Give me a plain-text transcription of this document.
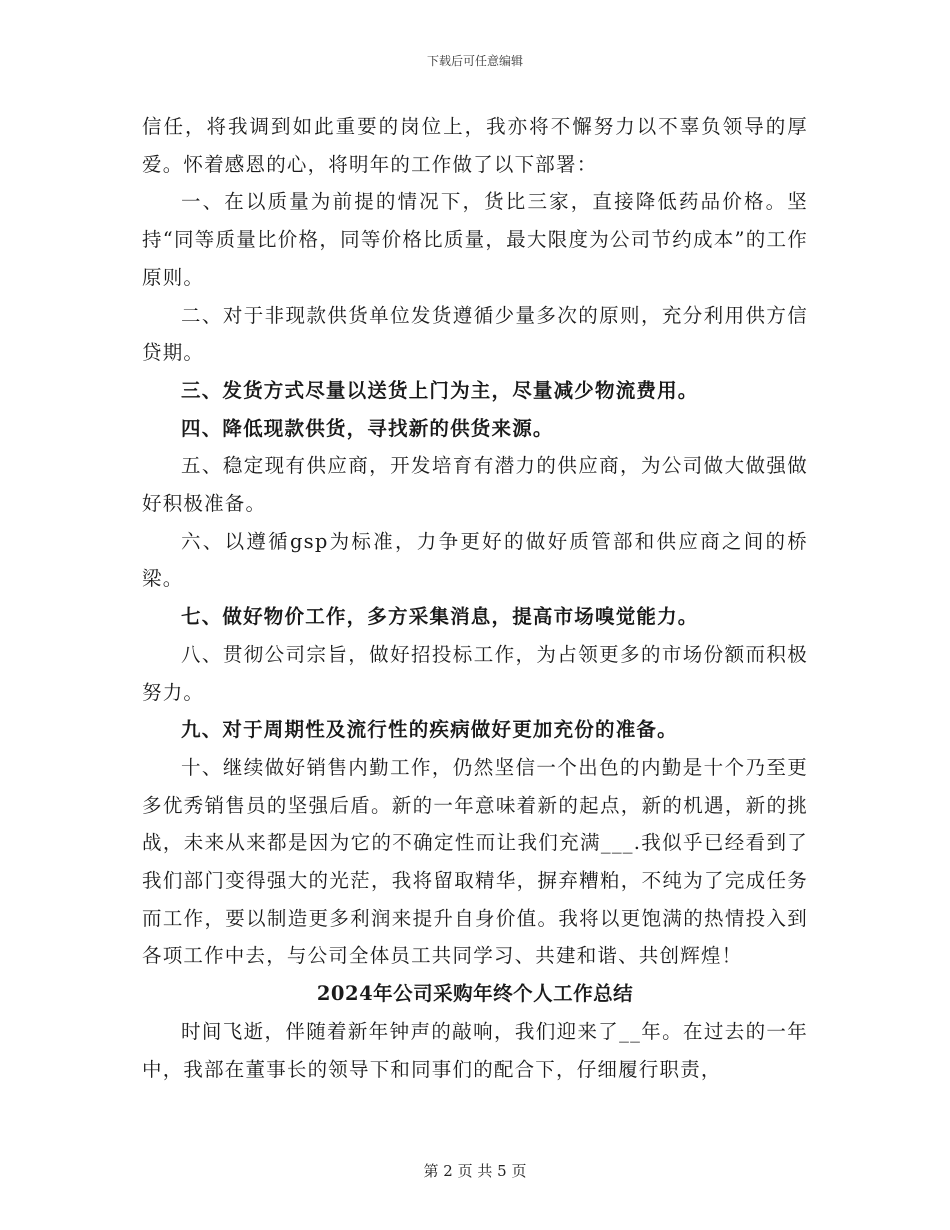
下载后可任意编辑

信任，将我调到如此重要的岗位上，我亦将不懈努力以不辜负领导的厚爱。怀着感恩的心，将明年的工作做了以下部署：

一、在以质量为前提的情况下，货比三家，直接降低药品价格。坚持“同等质量比价格，同等价格比质量，最大限度为公司节约成本”的工作原则。

二、对于非现款供货单位发货遵循少量多次的原则，充分利用供方信贷期。

三、发货方式尽量以送货上门为主，尽量减少物流费用。

四、降低现款供货，寻找新的供货来源。

五、稳定现有供应商，开发培育有潜力的供应商，为公司做大做强做好积极准备。

六、以遵循gsp为标准，力争更好的做好质管部和供应商之间的桥梁。

七、做好物价工作，多方采集消息，提高市场嗅觉能力。

八、贯彻公司宗旨，做好招投标工作，为占领更多的市场份额而积极努力。

九、对于周期性及流行性的疾病做好更加充份的准备。

十、继续做好销售内勤工作，仍然坚信一个出色的内勤是十个乃至更多优秀销售员的坚强后盾。新的一年意味着新的起点，新的机遇，新的挑战，未来从来都是因为它的不确定性而让我们充满___.我似乎已经看到了我们部门变得强大的光茫，我将留取精华，摒弃糟粕，不纯为了完成任务而工作，要以制造更多利润来提升自身价值。我将以更饱满的热情投入到各项工作中去，与公司全体员工共同学习、共建和谐、共创辉煌！

2024年公司采购年终个人工作总结

时间飞逝，伴随着新年钟声的敲响，我们迎来了__年。在过去的一年中，我部在董事长的领导下和同事们的配合下，仔细履行职责，

第 2 页 共 5 页
